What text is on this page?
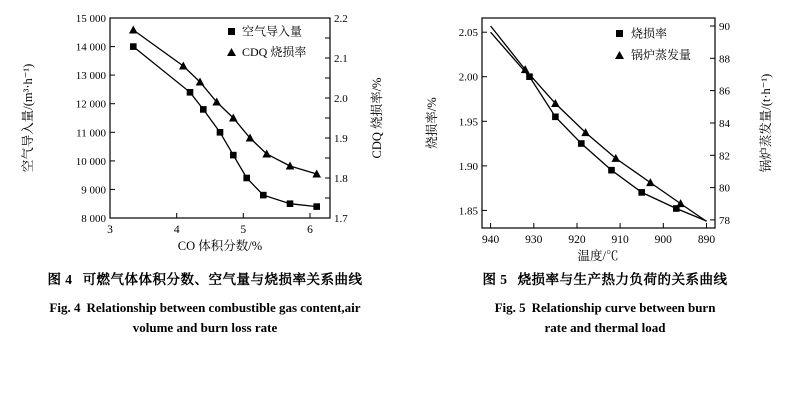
8 000
9 000
10 000
11 000
12 000
13 000
14 000
15 000
1.7
1.8
1.9
2.0
2.1
2.2
3	4	5	6
CO 体积分数/%
空气导入量/(m³·h⁻¹)	CDQ 烧损率/%
空气导入量
CDQ 烧损率
图 4 可燃气体体积分数、空气量与烧损率关系曲线
Fig. 4 Relationship between combustible gas content,air
volume and burn loss rate
1.85
1.90
1.95
2.00
2.05
78
80
82
84
86
88
90
940 930 920 910 900 890
温度/℃
烧损率/%	锅炉蒸发量/(t·h⁻¹)
烧损率
锅炉蒸发量
图 5 烧损率与生产热力负荷的关系曲线
Fig. 5 Relationship curve between burn
rate and thermal load
